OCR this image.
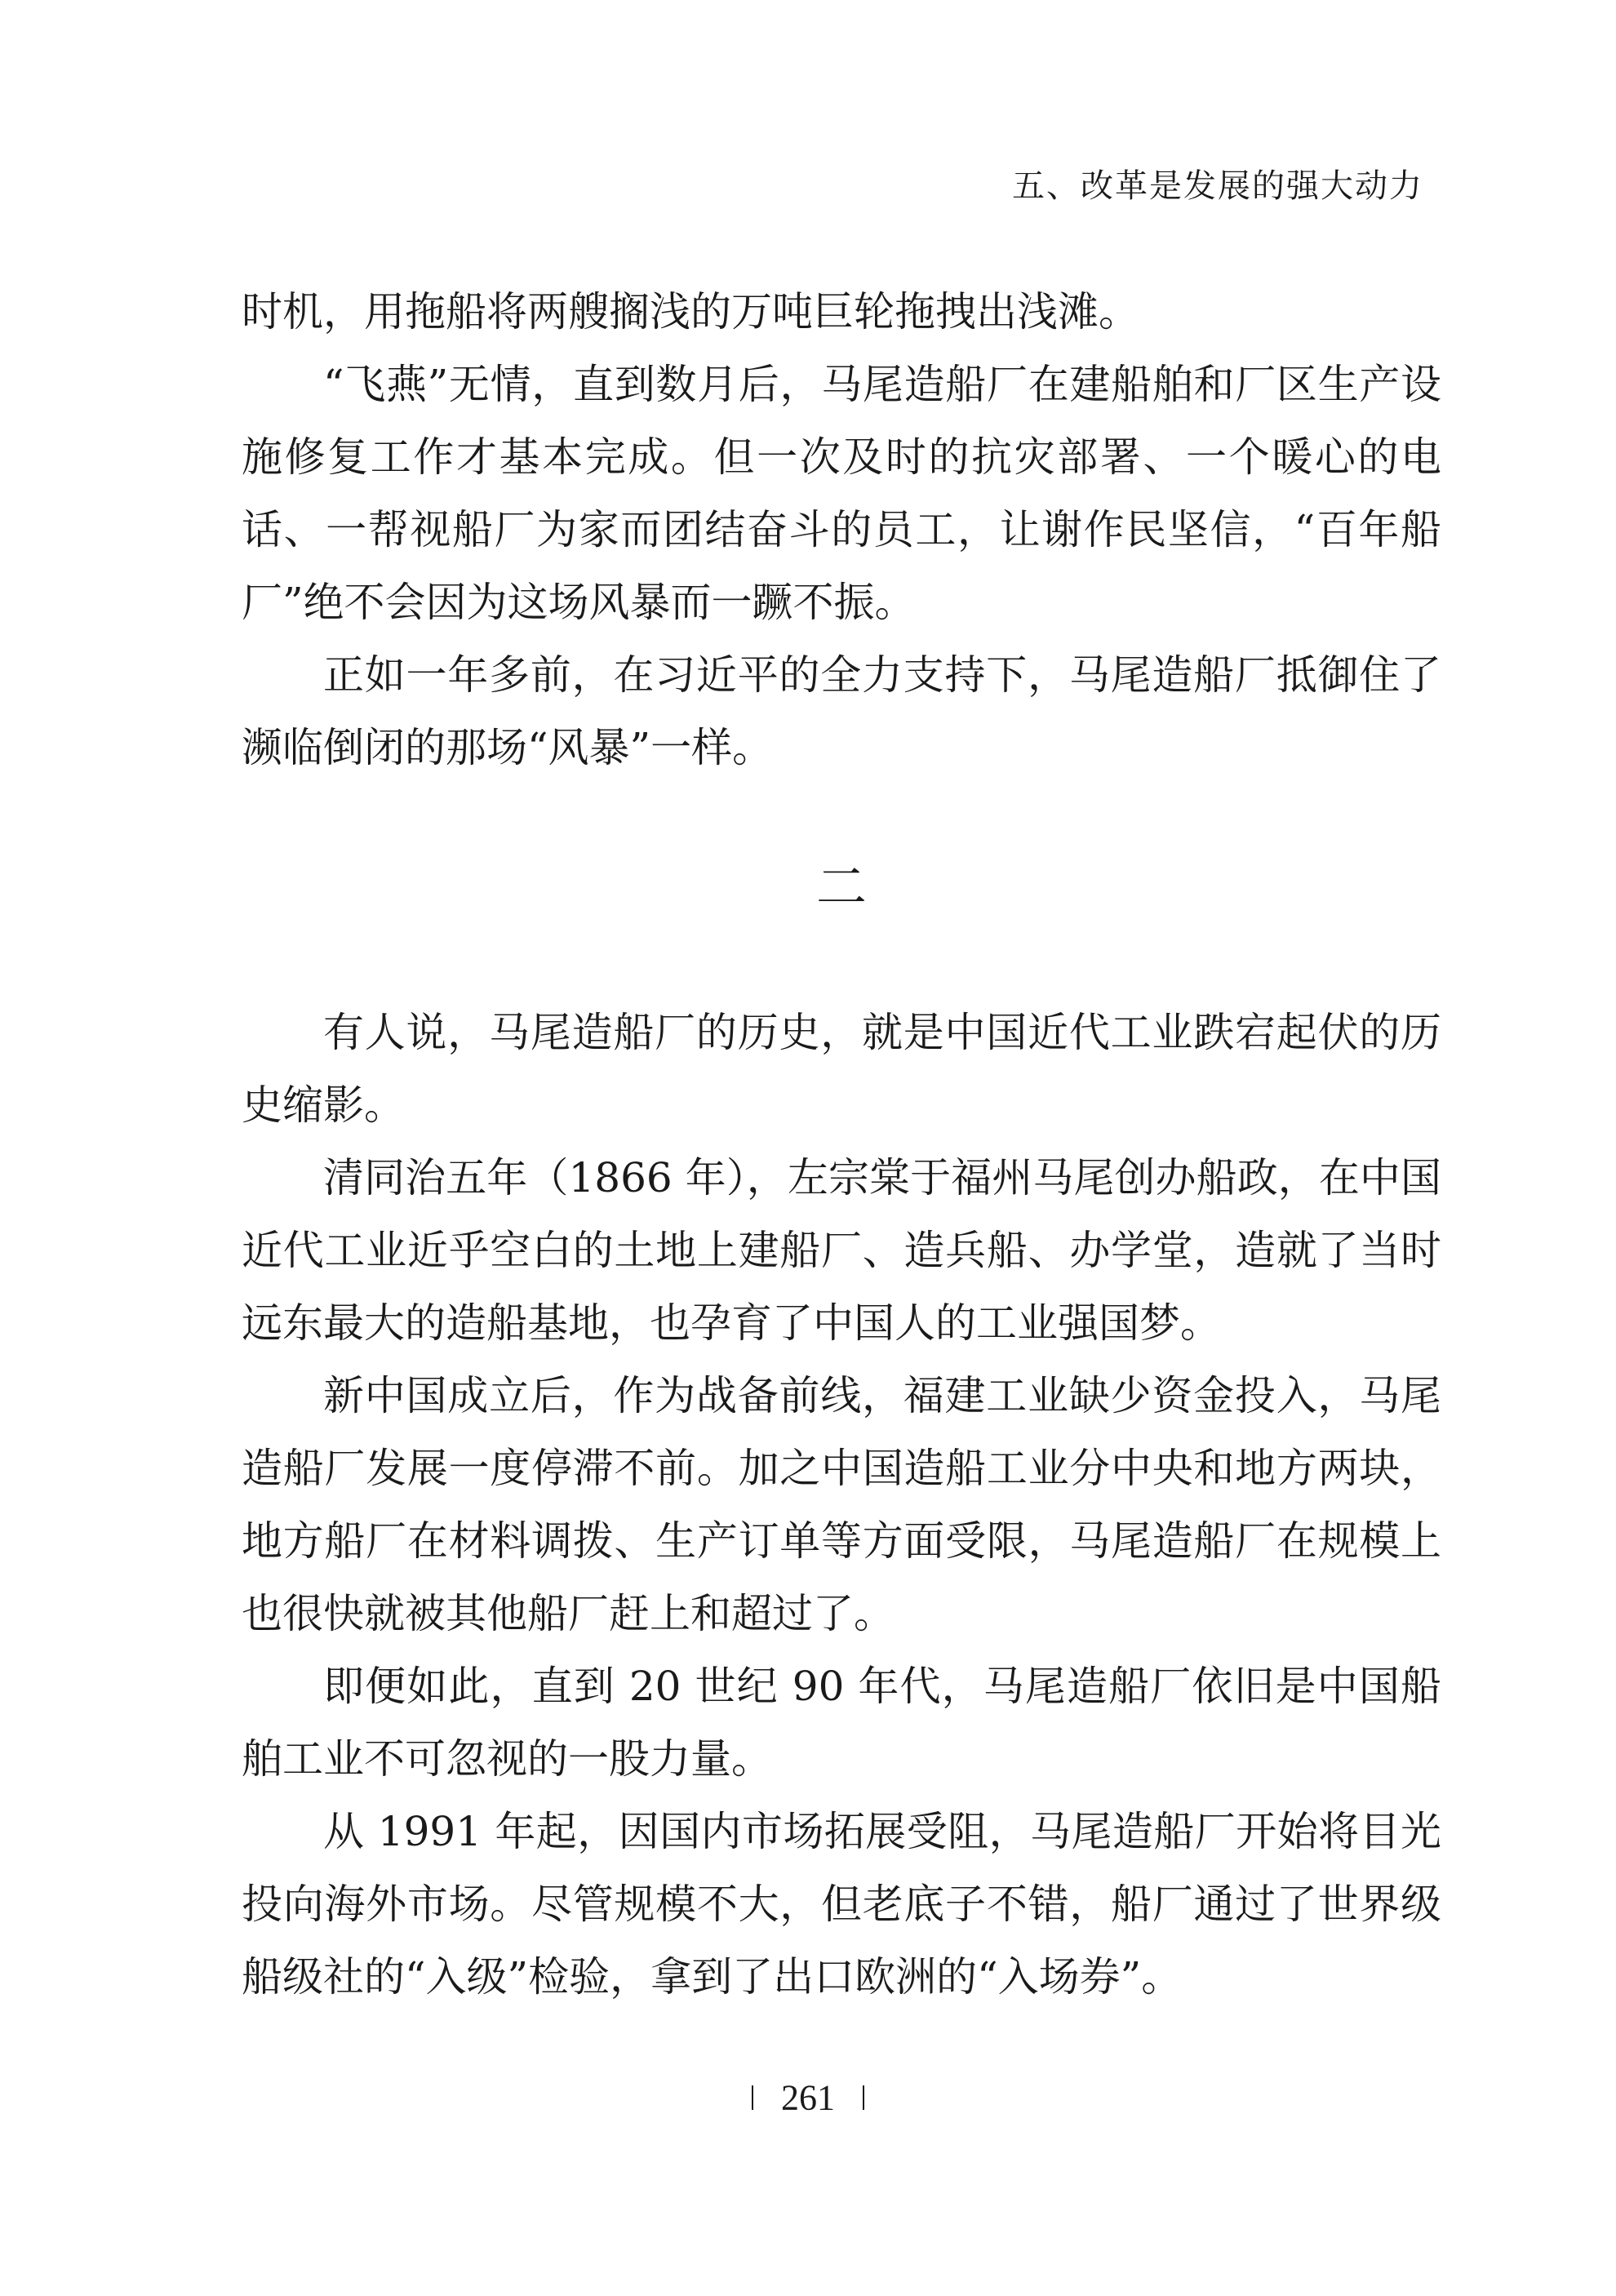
五、改革是发展的强大动力

时机，用拖船将两艘搁浅的万吨巨轮拖拽出浅滩。

“飞燕”无情，直到数月后，马尾造船厂在建船舶和厂区生产设施修复工作才基本完成。但一次及时的抗灾部署、一个暖心的电话、一帮视船厂为家而团结奋斗的员工，让谢作民坚信，“百年船厂”绝不会因为这场风暴而一蹶不振。

正如一年多前，在习近平的全力支持下，马尾造船厂抵御住了濒临倒闭的那场“风暴”一样。

二

有人说，马尾造船厂的历史，就是中国近代工业跌宕起伏的历史缩影。

清同治五年（1866 年），左宗棠于福州马尾创办船政，在中国近代工业近乎空白的土地上建船厂、造兵船、办学堂，造就了当时远东最大的造船基地，也孕育了中国人的工业强国梦。

新中国成立后，作为战备前线，福建工业缺少资金投入，马尾造船厂发展一度停滞不前。加之中国造船工业分中央和地方两块，地方船厂在材料调拨、生产订单等方面受限，马尾造船厂在规模上也很快就被其他船厂赶上和超过了。

即便如此，直到 20 世纪 90 年代，马尾造船厂依旧是中国船舶工业不可忽视的一股力量。

从 1991 年起，因国内市场拓展受阻，马尾造船厂开始将目光投向海外市场。尽管规模不大，但老底子不错，船厂通过了世界级船级社的“入级”检验，拿到了出口欧洲的“入场券”。

261
